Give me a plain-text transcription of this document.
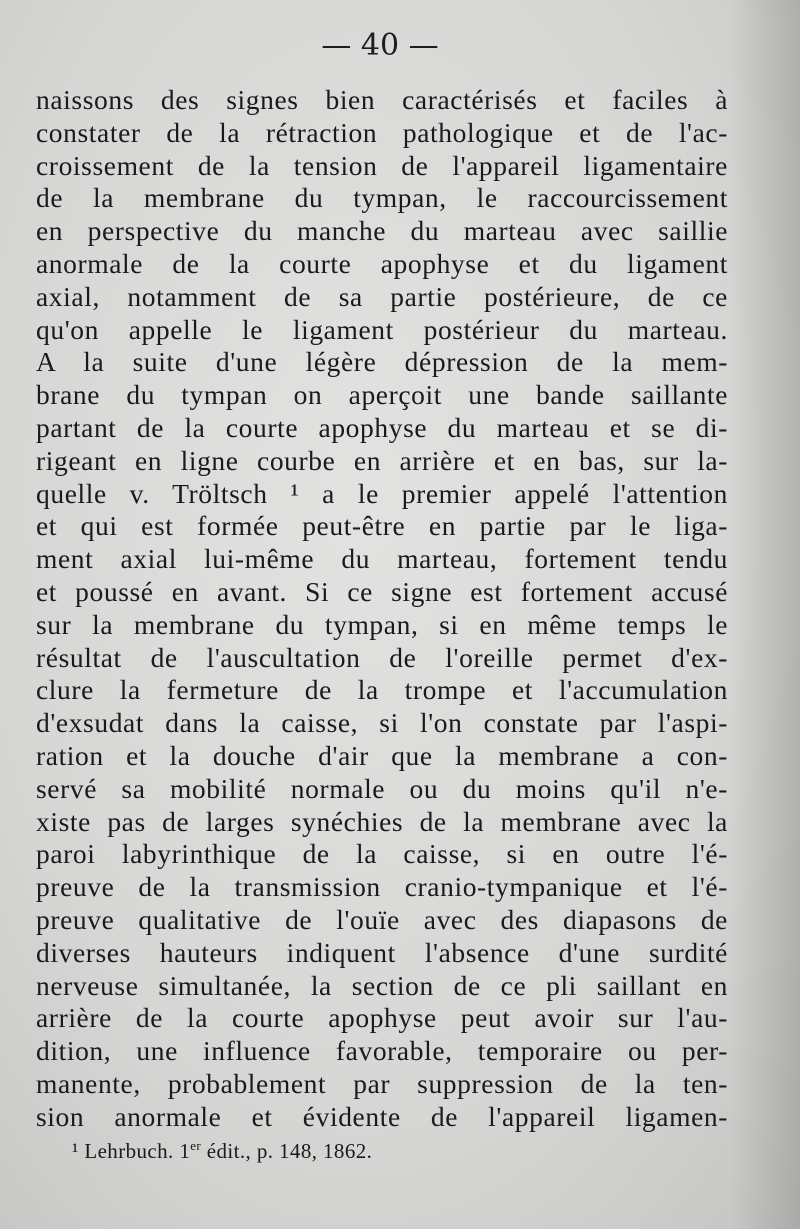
— 40 —
naissons des signes bien caractérisés et faciles à
constater de la rétraction pathologique et de l'ac-
croissement de la tension de l'appareil ligamentaire
de la membrane du tympan, le raccourcissement
en perspective du manche du marteau avec saillie
anormale de la courte apophyse et du ligament
axial, notamment de sa partie postérieure, de ce
qu'on appelle le ligament postérieur du marteau.
A la suite d'une légère dépression de la mem-
brane du tympan on aperçoit une bande saillante
partant de la courte apophyse du marteau et se di-
rigeant en ligne courbe en arrière et en bas, sur la-
quelle v. Tröltsch ¹ a le premier appelé l'attention
et qui est formée peut-être en partie par le liga-
ment axial lui-même du marteau, fortement tendu
et poussé en avant. Si ce signe est fortement accusé
sur la membrane du tympan, si en même temps le
résultat de l'auscultation de l'oreille permet d'ex-
clure la fermeture de la trompe et l'accumulation
d'exsudat dans la caisse, si l'on constate par l'aspi-
ration et la douche d'air que la membrane a con-
servé sa mobilité normale ou du moins qu'il n'e-
xiste pas de larges synéchies de la membrane avec la
paroi labyrinthique de la caisse, si en outre l'é-
preuve de la transmission cranio-tympanique et l'é-
preuve qualitative de l'ouïe avec des diapasons de
diverses hauteurs indiquent l'absence d'une surdité
nerveuse simultanée, la section de ce pli saillant en
arrière de la courte apophyse peut avoir sur l'au-
dition, une influence favorable, temporaire ou per-
manente, probablement par suppression de la ten-
sion anormale et évidente de l'appareil ligamen-
¹ Lehrbuch. 1er édit., p. 148, 1862.
